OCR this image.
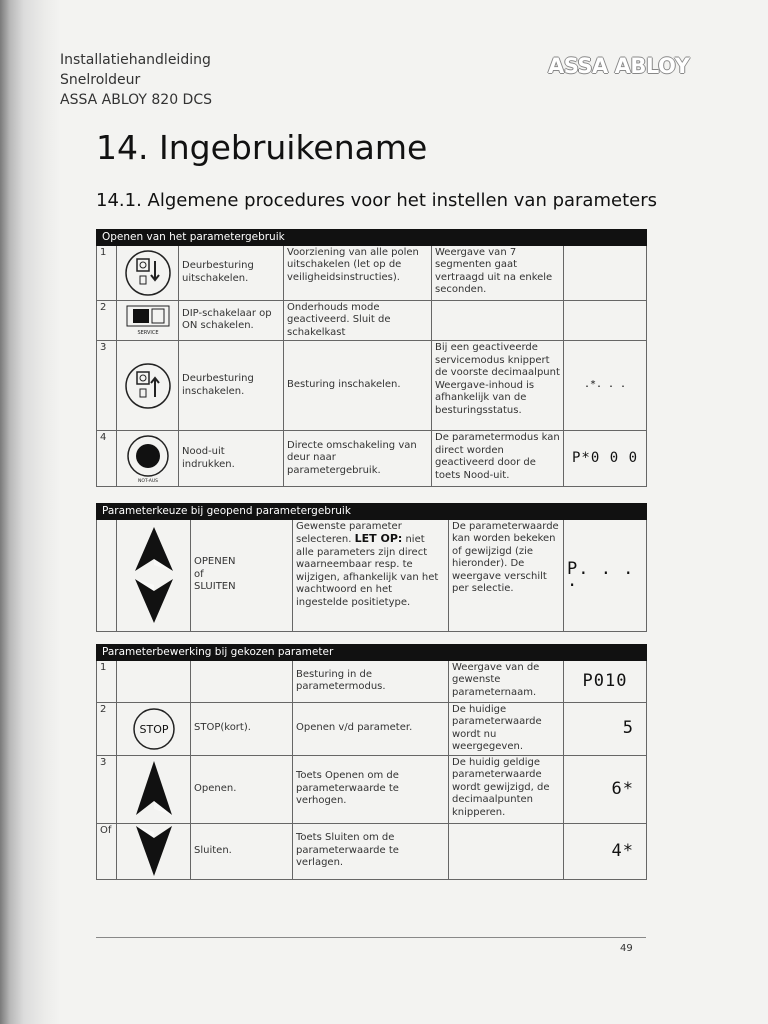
Installatiehandleiding
Snelroldeur
ASSA ABLOY 820 DCS
ASSA ABLOY
14. Ingebruikename
14.1. Algemene procedures voor het instellen van parameters
Openen van het parametergebruik					
1		Deurbesturing uitschakelen.	Voorziening van alle polen uitschakelen (let op de veiligheidsinstructies).	Weergave van 7 segmenten gaat vertraagd uit na enkele seconden.	
2	SERVICE	DIP-schakelaar op ON schakelen.	Onderhouds mode geactiveerd. Sluit de schakelkast		
3		Deurbesturing inschakelen.	Besturing inschakelen.	Bij een geactiveerde servicemodus knippert de voorste decimaalpunt Weergave-inhoud is afhankelijk van de besturingsstatus.	.*. . .
4	NOT-AUS	Nood-uit indrukken.	Directe omschakeling van deur naar parametergebruik.	De parametermodus kan direct worden geactiveerd door de toets Nood-uit.	P*0 0 0
Parameterkeuze bij geopend parametergebruik

	OPENEN
of
SLUITEN	Gewenste parameter selecteren. LET OP: niet alle parameters zijn direct waarneembaar resp. te wijzigen, afhankelijk van het wachtwoord en het ingestelde positietype.	De parameterwaarde kan worden bekeken of gewijzigd (zie hieronder). De weergave verschilt per selectie.	P. . . .
Parameterbewerking bij gekozen parameter					
1			Besturing in de parametermodus.	Weergave van de gewenste parameternaam.	P010
2	STOP	STOP(kort).	Openen v/d parameter.	De huidige parameterwaarde wordt nu weergegeven.	5
3		Openen.	Toets Openen om de parameterwaarde te verhogen.	De huidig geldige parameterwaarde wordt gewijzigd, de decimaalpunten knipperen.	6*
Of		Sluiten.	Toets Sluiten om de parameterwaarde te verlagen.		4*
49
